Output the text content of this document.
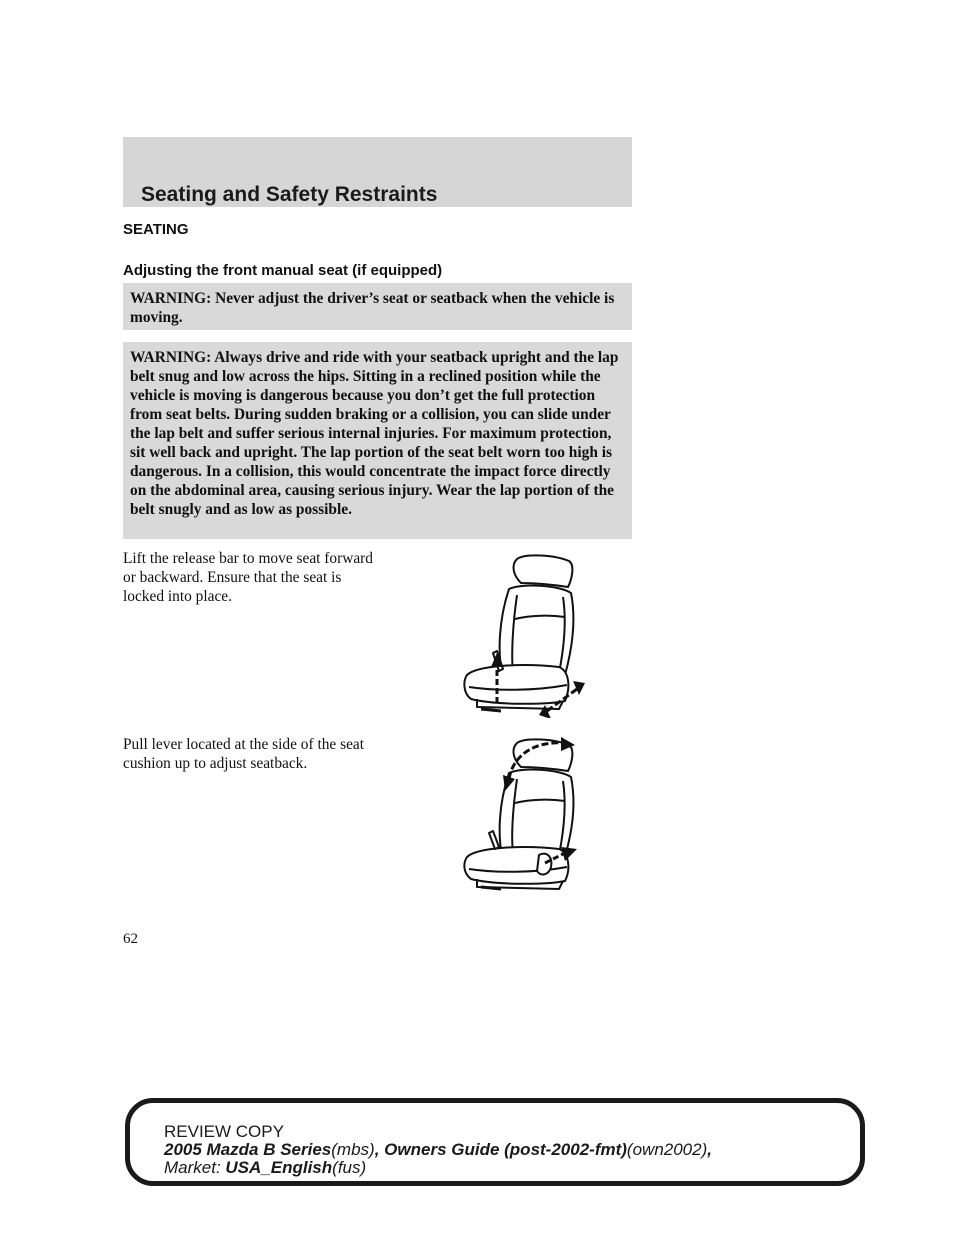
Seating and Safety Restraints
SEATING
Adjusting the front manual seat (if equipped)

WARNING: Never adjust the driver’s seat or seatback when the vehicle is moving.

WARNING: Always drive and ride with your seatback upright and the lap belt snug and low across the hips. Sitting in a reclined position while the vehicle is moving is dangerous because you don’t get the full protection from seat belts. During sudden braking or a collision, you can slide under the lap belt and suffer serious internal injuries. For maximum protection, sit well back and upright. The lap portion of the seat belt worn too high is dangerous. In a collision, this would concentrate the impact force directly on the abdominal area, causing serious injury. Wear the lap portion of the belt snugly and as low as possible.

Lift the release bar to move seat forward or backward. Ensure that the seat is locked into place.

Pull lever located at the side of the seat cushion up to adjust seatback.

62
REVIEW COPY
2005 Mazda B Series(mbs), Owners Guide (post-2002-fmt)(own2002),
Market: USA_English(fus)
